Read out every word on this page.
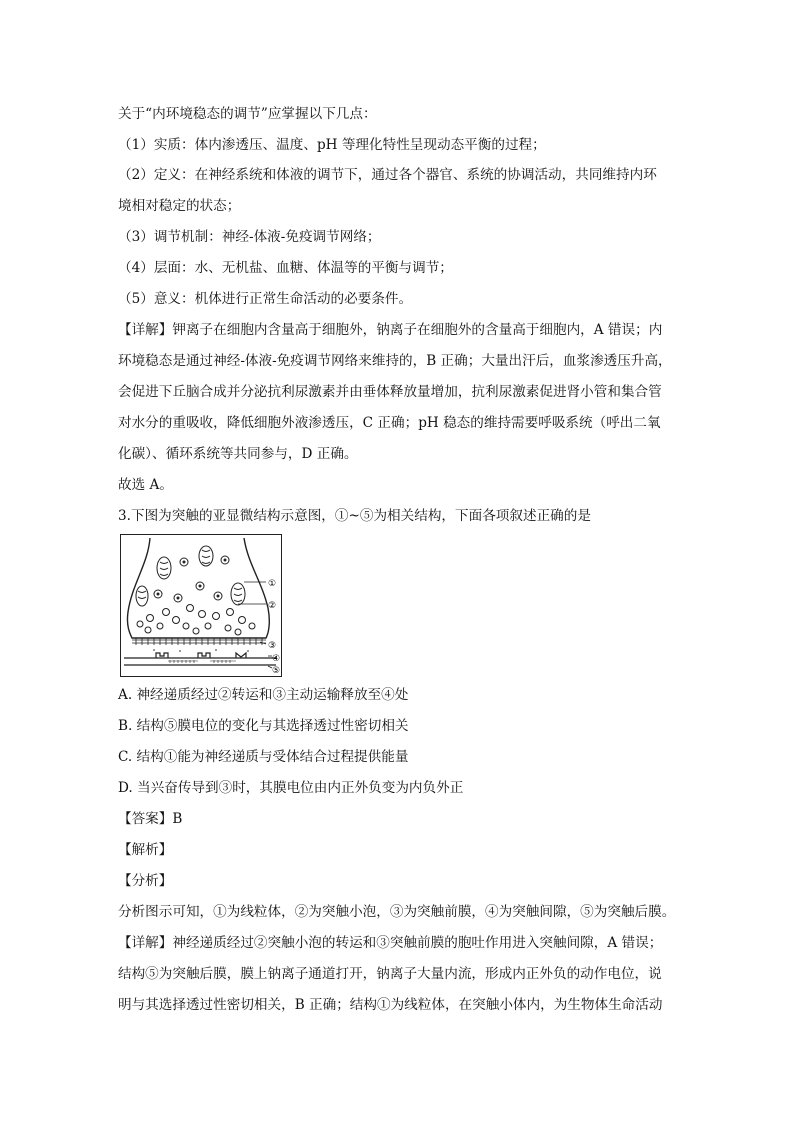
关于“内环境稳态的调节”应掌握以下几点：
（1）实质：体内渗透压、温度、pH 等理化特性呈现动态平衡的过程；
（2）定义：在神经系统和体液的调节下，通过各个器官、系统的协调活动，共同维持内环
境相对稳定的状态；
（3）调节机制：神经-体液-免疫调节网络；
（4）层面：水、无机盐、血糖、体温等的平衡与调节；
（5）意义：机体进行正常生命活动的必要条件。
【详解】钾离子在细胞内含量高于细胞外，钠离子在细胞外的含量高于细胞内，A 错误；内
环境稳态是通过神经-体液-免疫调节网络来维持的，B 正确；大量出汗后，血浆渗透压升高，
会促进下丘脑合成并分泌抗利尿激素并由垂体释放量增加，抗利尿激素促进肾小管和集合管
对水分的重吸收，降低细胞外液渗透压，C 正确；pH 稳态的维持需要呼吸系统（呼出二氧
化碳）、循环系统等共同参与，D 正确。
故选 A。
3.下图为突触的亚显微结构示意图，①~⑤为相关结构，下面各项叙述正确的是
①
②
③
④
⑤
A. 神经递质经过②转运和③主动运输释放至④处
B. 结构⑤膜电位的变化与其选择透过性密切相关
C. 结构①能为神经递质与受体结合过程提供能量
D. 当兴奋传导到③时，其膜电位由内正外负变为内负外正
【答案】B
【解析】
【分析】
分析图示可知，①为线粒体，②为突触小泡，③为突触前膜，④为突触间隙，⑤为突触后膜。
【详解】神经递质经过②突触小泡的转运和③突触前膜的胞吐作用进入突触间隙，A 错误；
结构⑤为突触后膜，膜上钠离子通道打开，钠离子大量内流，形成内正外负的动作电位，说
明与其选择透过性密切相关，B 正确；结构①为线粒体，在突触小体内，为生物体生命活动
